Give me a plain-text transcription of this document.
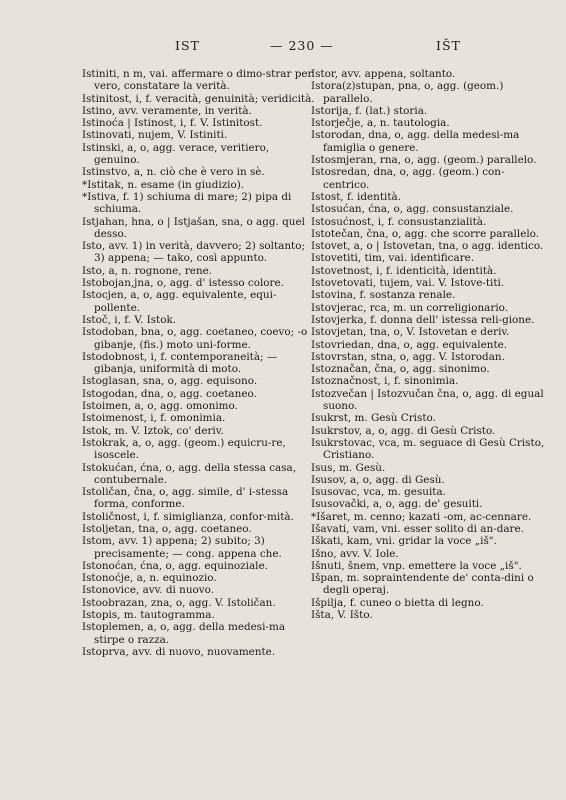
IST	— 230 —	IŠT
Istiniti, n m, vai. affermare o dimo-strar per vero, constatare la verità.
Istinitost, i, f. veracità, genuinità; veridicità.
Istino, avv. veramente, in verità.
Istinoća | Istinost, i, f. V. Istinitost.
Istinovati, nujem, V. Istiniti.
Istinski, a, o, agg. verace, veritiero, genuino.
Istinstvo, a, n. ciò che è vero in sè.
*Istitak, n. esame (in giudizio).
*Istiva, f. 1) schiuma di mare; 2) pipa di schiuma.
Istjahan, hna, o | Istjašan, sna, o agg. quel desso.
Isto, avv. 1) in verità, davvero; 2) soltanto; 3) appena; — tako, così appunto.
Isto, a, n. rognone, rene.
Istobojan,jna, o, agg. d' istesso colore.
Istocjen, a, o, agg. equivalente, equi-pollente.
Istoč, i, f. V. Istok.
Istodoban, bna, o, agg. coetaneo, coevo; -o gibanje, (fis.) moto uni-forme.
Istodobnost, i, f. contemporaneità; — gibanja, uniformità di moto.
Istoglasan, sna, o, agg. equisono.
Istogodan, dna, o, agg. coetaneo.
Istoimen, a, o, agg. omonimo.
Istoimenost, i, f. omonimia.
Istok, m. V. Iztok, co' deriv.
Istokrak, a, o, agg. (geom.) equicru-re, isoscele.
Istokućan, ćna, o, agg. della stessa casa, contubernale.
Istoličan, čna, o, agg. simile, d' i-stessa forma, conforme.
Istoličnost, i, f. simiglianza, confor-mità.
Istoljetan, tna, o, agg. coetaneo.
Istom, avv. 1) appena; 2) subito; 3) precisamente; — cong. appena che.
Istonoćan, ćna, o, agg. equinoziale.
Istonoćje, a, n. equinozio.
Istonovice, avv. di nuovo.
Istoobrazan, zna, o, agg. V. Istoličan.
Istopis, m. tautogramma.
Istoplemen, a, o, agg. della medesi-ma stirpe o razza.
Istoprva, avv. di nuovo, nuovamente.
Istor, avv. appena, soltanto.
Istora(z)stupan, pna, o, agg. (geom.) parallelo.
Istorija, f. (lat.) storia.
Istorječje, a, n. tautologia.
Istorodan, dna, o, agg. della medesi-ma famiglia o genere.
Istosmjeran, rna, o, agg. (geom.) parallelo.
Istosredan, dna, o, agg. (geom.) con-centrico.
Istost, f. identità.
Istosućan, ćna, o, agg. consustanziale.
Istosućnost, i, f. consustanzialità.
Istotečan, čna, o, agg. che scorre parallelo.
Istovet, a, o | Istovetan, tna, o agg. identico.
Istovetiti, tim, vai. identificare.
Istovetnost, i, f. identicità, identità.
Istovetovati, tujem, vai. V. Istove-titi.
Istovina, f. sostanza renale.
Istovjerac, rca, m. un correligionario.
Istovjerka, f. donna dell' istessa reli-gione.
Istovjetan, tna, o, V. Istovetan e deriv.
Istovriedan, dna, o, agg. equivalente.
Istovrstan, stna, o, agg. V. Istorodan.
Istoznačan, čna, o, agg. sinonimo.
Istoznačnost, i, f. sinonimia.
Istozvečan | Istozvučan čna, o, agg. di egual suono.
Isukrst, m. Gesù Cristo.
Isukrstov, a, o, agg. di Gesù Cristo.
Isukrstovac, vca, m. seguace di Gesù Cristo, Cristiano.
Isus, m. Gesù.
Isusov, a, o, agg. di Gesù.
Isusovac, vca, m. gesuita.
Isusovački, a, o, agg. de' gesuiti.
*Išaret, m. cenno; kazati -om, ac-cennare.
Išavati, vam, vni. esser solito di an-dare.
Iškati, kam, vni. gridar la voce „iš".
Išno, avv. V. Iole.
Išnuti, šnem, vnp. emettere la voce „iš".
Išpan, m. sopraintendente de' conta-dini o degli operaj.
Išpilja, f. cuneo o bietta di legno.
Išta, V. Išto.
